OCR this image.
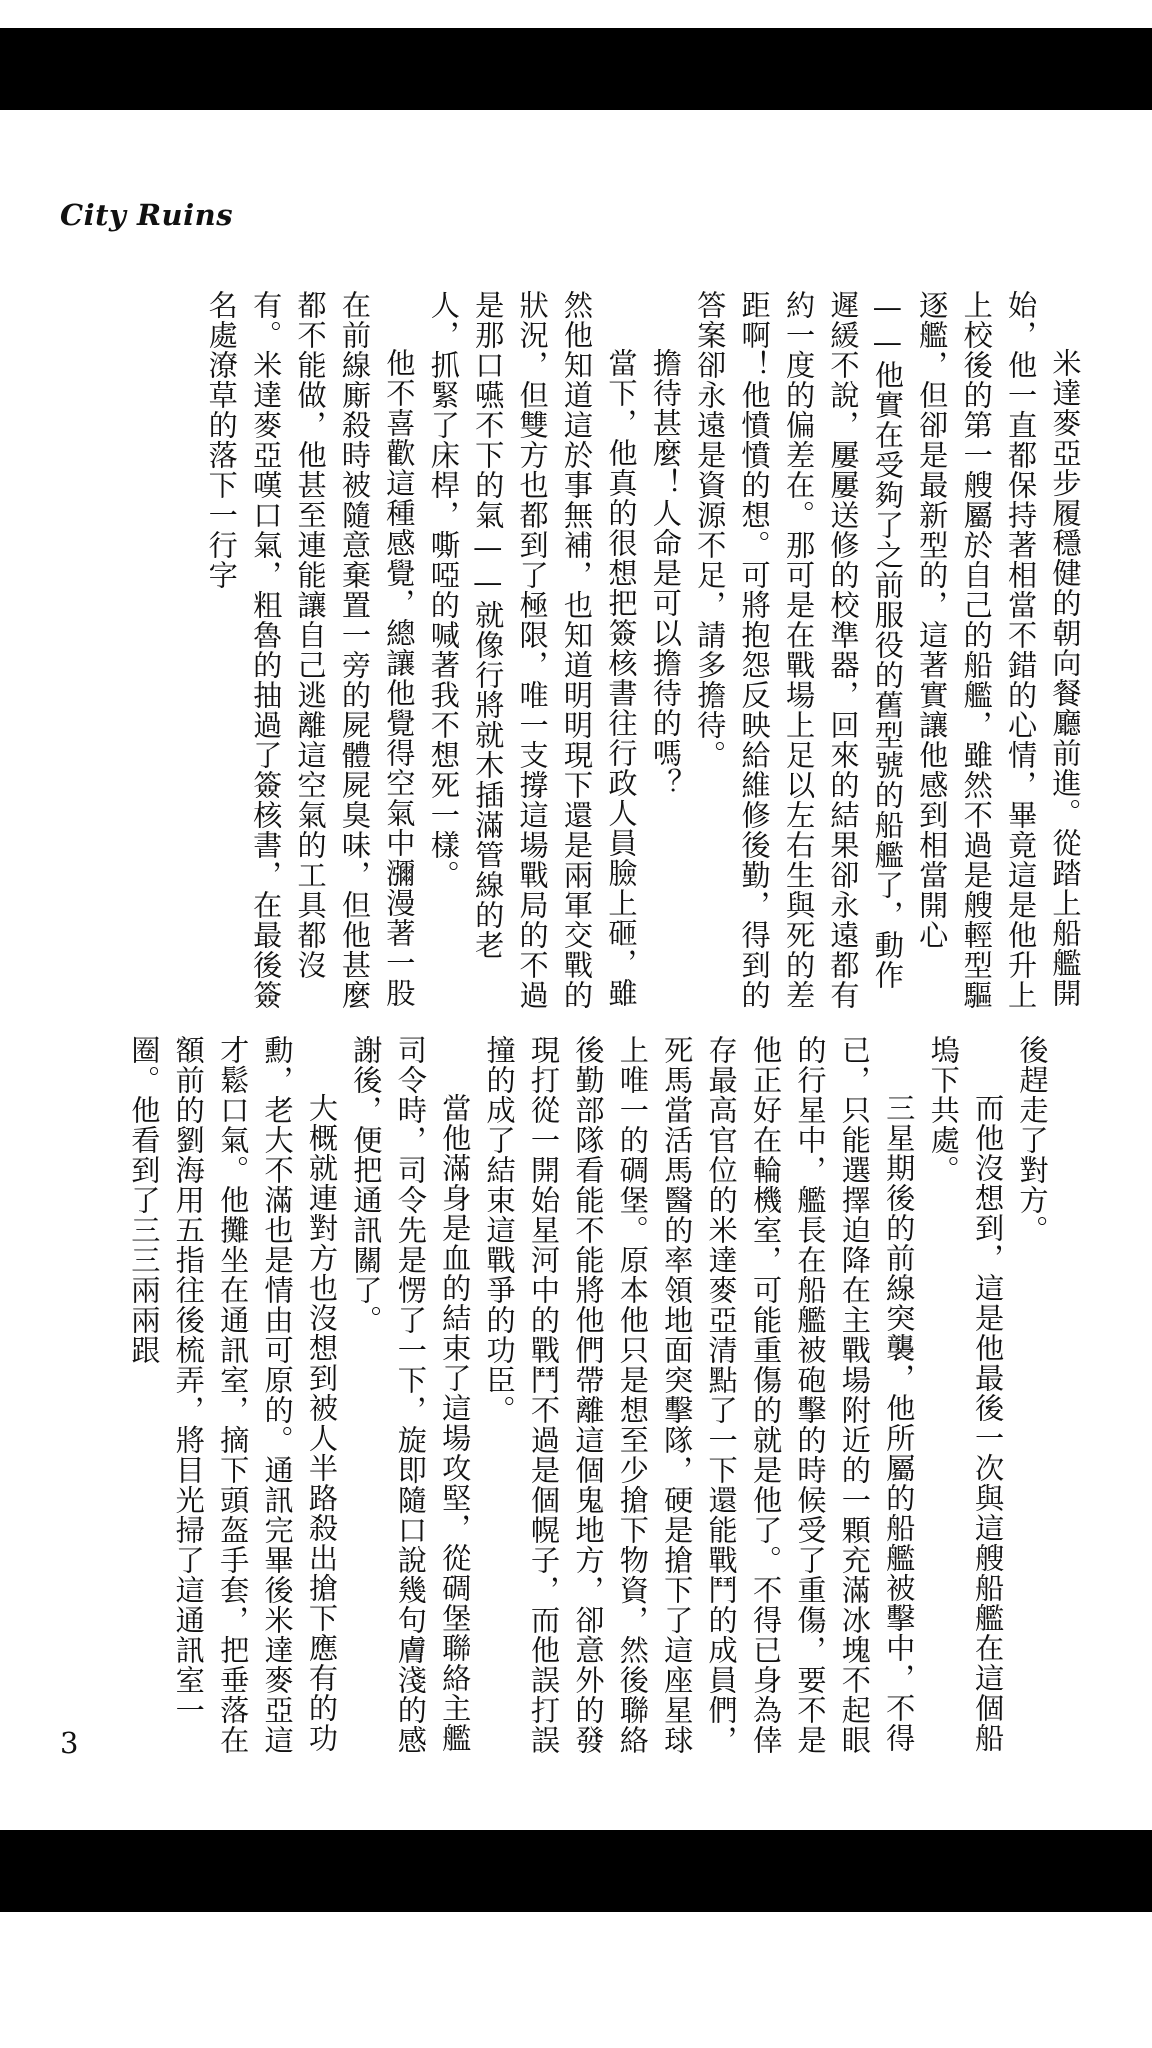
City Ruins

米達麥亞步履穩健的朝向餐廳前進。從踏上船艦開始，他一直都保持著相當不錯的心情，畢竟這是他升上上校後的第一艘屬於自己的船艦，雖然不過是艘輕型驅逐艦，但卻是最新型的，這著實讓他感到相當開心——他實在受夠了之前服役的舊型號的船艦了，動作遲緩不說，屢屢送修的校準器，回來的結果卻永遠都有約一度的偏差在。那可是在戰場上足以左右生與死的差距啊！他憤憤的想。可將抱怨反映給維修後勤，得到的答案卻永遠是資源不足，請多擔待。

擔待甚麼！人命是可以擔待的嗎？

當下，他真的很想把簽核書往行政人員臉上砸，雖然他知道這於事無補，也知道明明現下還是兩軍交戰的狀況，但雙方也都到了極限，唯一支撐這場戰局的不過是那口嚥不下的氣——就像行將就木插滿管線的老人，抓緊了床桿，嘶啞的喊著我不想死一樣。

他不喜歡這種感覺，總讓他覺得空氣中瀰漫著一股在前線廝殺時被隨意棄置一旁的屍體屍臭味，但他甚麼都不能做，他甚至連能讓自己逃離這空氣的工具都沒有。米達麥亞嘆口氣，粗魯的抽過了簽核書，在最後簽名處潦草的落下一行字

後趕走了對方。

而他沒想到，這是他最後一次與這艘船艦在這個船塢下共處。

三星期後的前線突襲，他所屬的船艦被擊中，不得已，只能選擇迫降在主戰場附近的一顆充滿冰塊不起眼的行星中，艦長在船艦被砲擊的時候受了重傷，要不是他正好在輪機室，可能重傷的就是他了。不得已身為倖存最高官位的米達麥亞清點了一下還能戰鬥的成員們，死馬當活馬醫的率領地面突擊隊，硬是搶下了這座星球上唯一的碉堡。原本他只是想至少搶下物資，然後聯絡後勤部隊看能不能將他們帶離這個鬼地方，卻意外的發現打從一開始星河中的戰鬥不過是個幌子，而他誤打誤撞的成了結束這戰爭的功臣。

當他滿身是血的結束了這場攻堅，從碉堡聯絡主艦司令時，司令先是愣了一下，旋即隨口說幾句膚淺的感謝後，便把通訊關了。

大概就連對方也沒想到被人半路殺出搶下應有的功勳，老大不滿也是情由可原的。通訊完畢後米達麥亞這才鬆口氣。他攤坐在通訊室，摘下頭盔手套，把垂落在額前的劉海用五指往後梳弄，將目光掃了這通訊室一圈。他看到了三三兩兩跟

3
